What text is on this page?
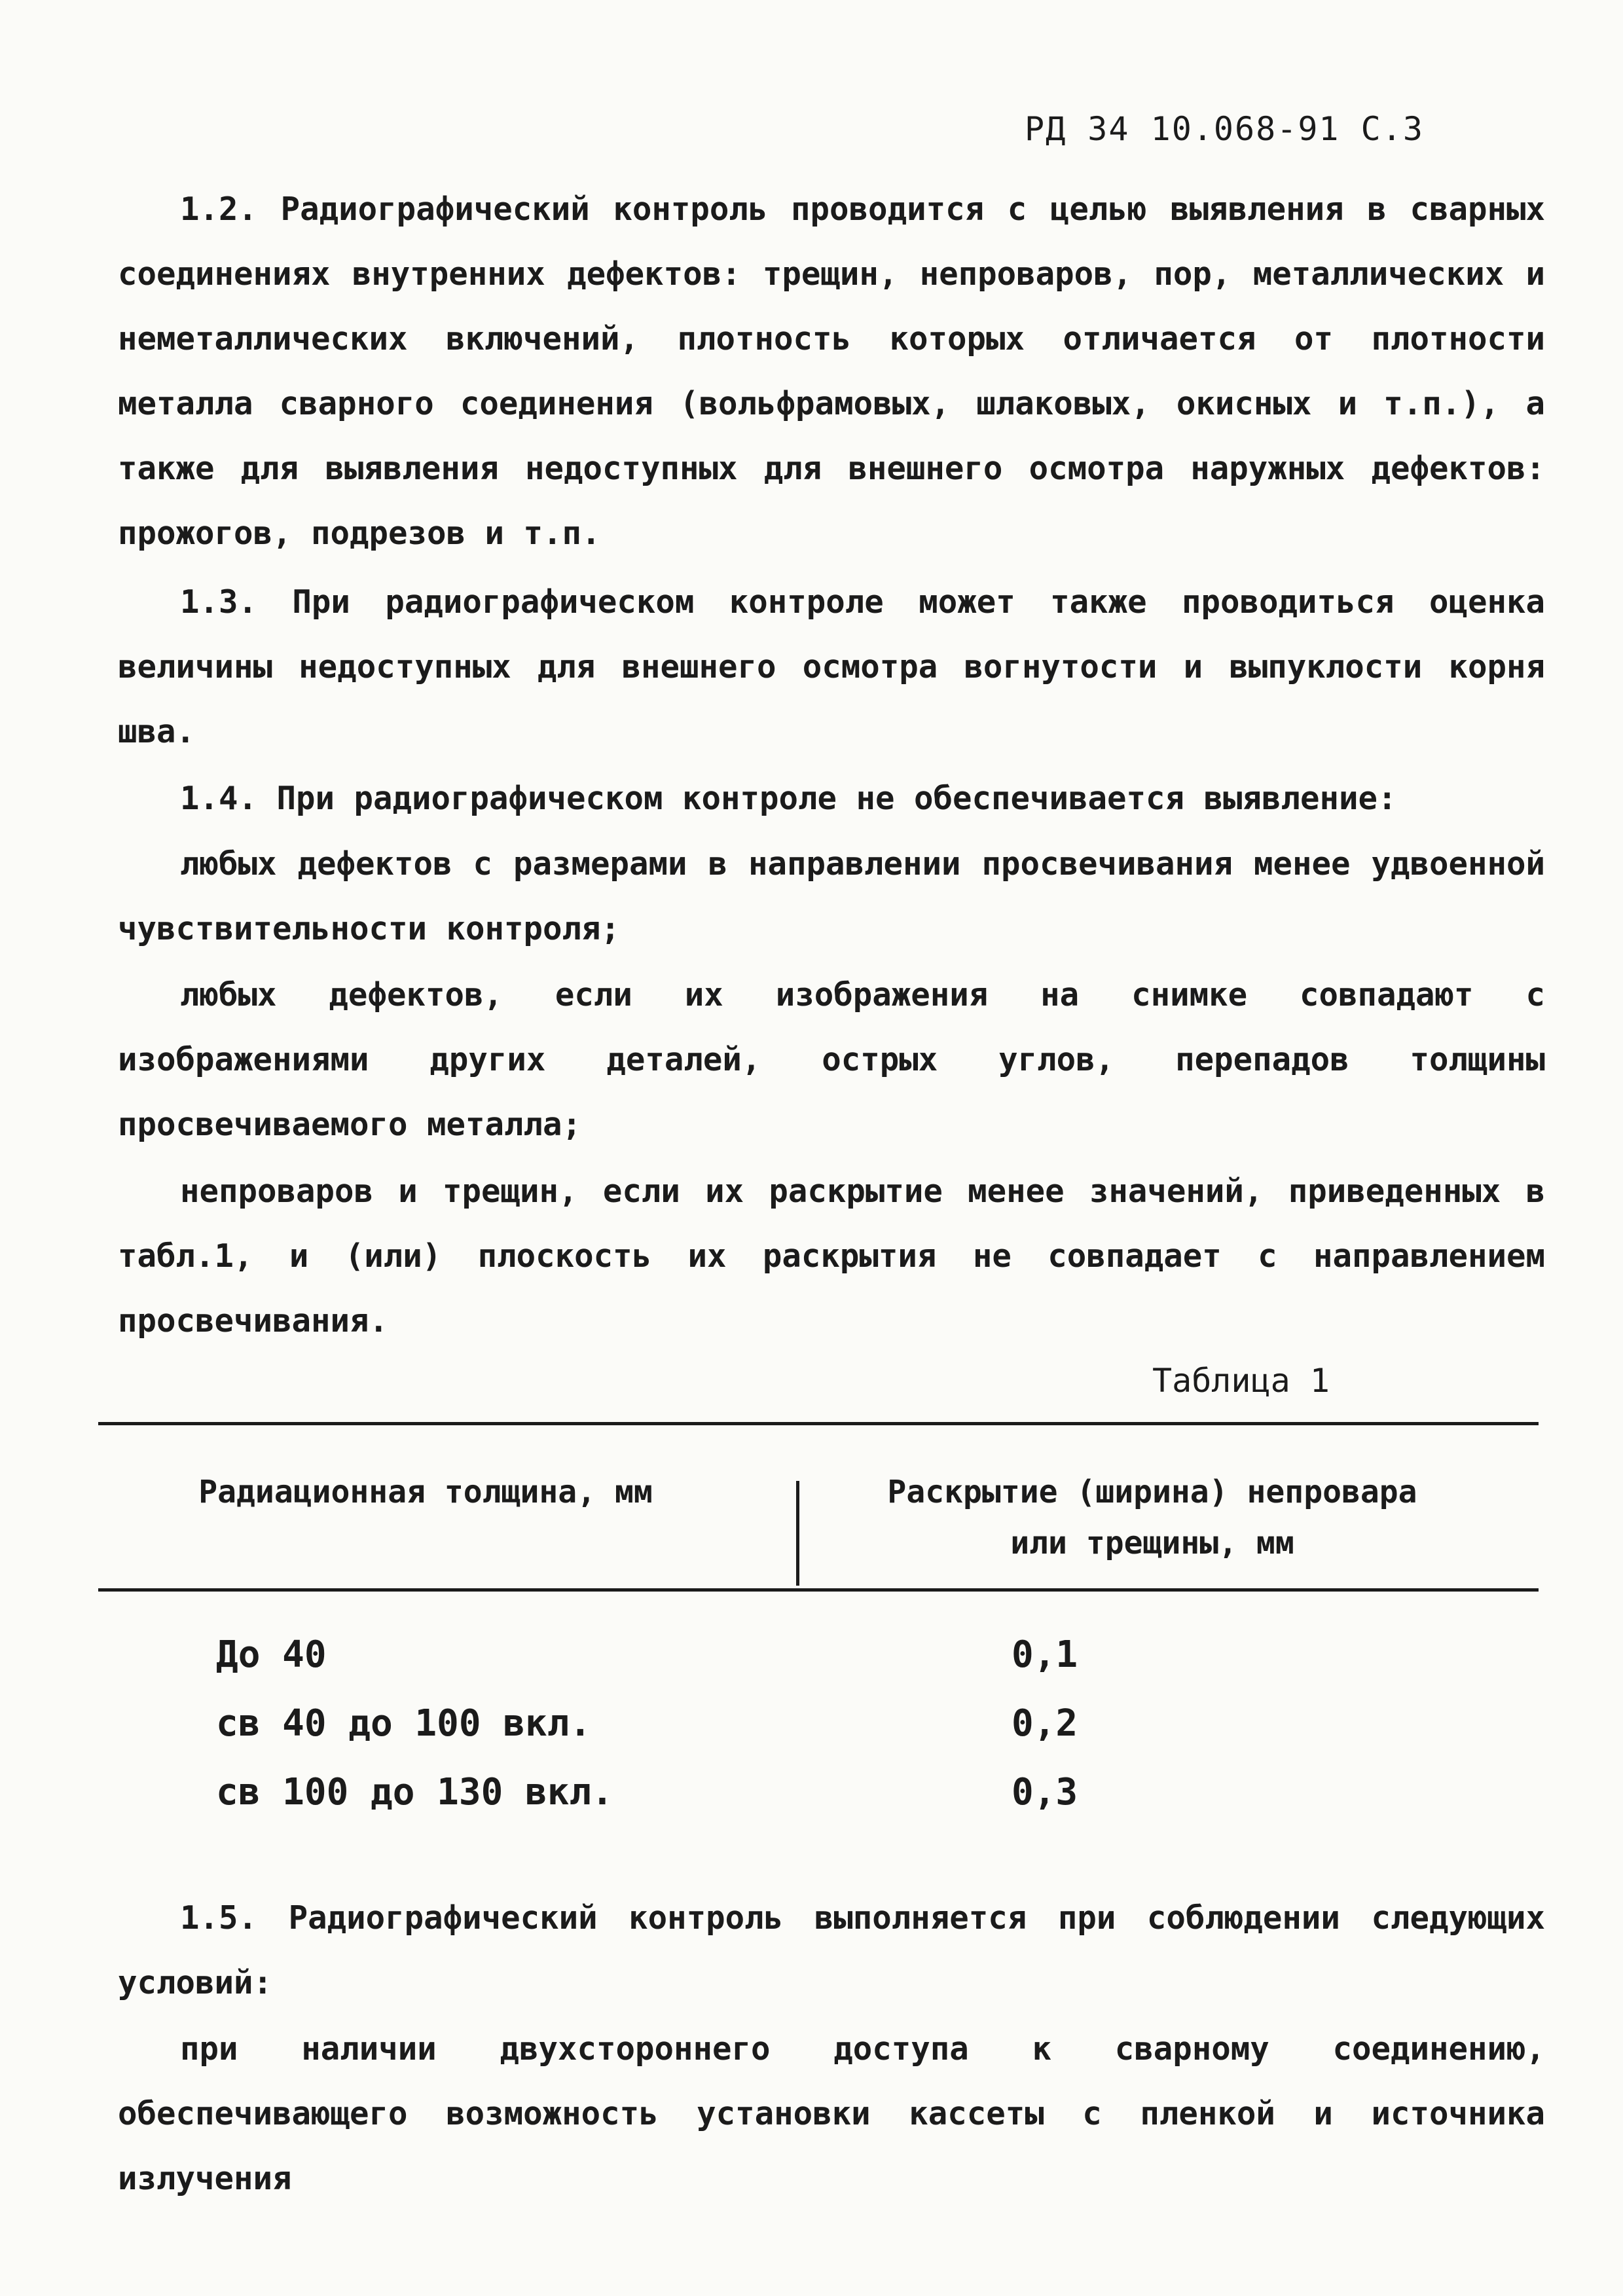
РД 34 10.068-91 С.3

1.2. Радиографический контроль проводится с целью выявления в сварных соединениях внутренних дефектов: трещин, непроваров, пор, металлических и неметаллических включений, плотность которых отличается от плотности металла сварного соединения (вольфрамовых, шлаковых, окисных и т.п.), а также для выявления недоступных для внешнего осмотра наружных дефектов: прожогов, подрезов и т.п.

1.3. При радиографическом контроле может также проводиться оценка величины недоступных для внешнего осмотра вогнутости и выпуклости корня шва.

1.4. При радиографическом контроле не обеспечивается выявление:

любых дефектов с размерами в направлении просвечивания менее удвоенной чувствительности контроля;

любых дефектов, если их изображения на снимке совпадают с изображениями других деталей, острых углов, перепадов толщины просвечиваемого металла;

непроваров и трещин, если их раскрытие менее значений, приведенных в табл.1, и (или) плоскость их раскрытия не совпадает с направлением просвечивания.

Таблица 1
Радиационная толщина, мм	Раскрытие (ширина) непровара
или трещины, мм
До 40	0,1
св 40 до 100 вкл.	0,2
св 100 до 130 вкл.	0,3

1.5. Радиографический контроль выполняется при соблюдении следующих условий:

при наличии двухстороннего доступа к сварному соединению, обеспечивающего возможность установки кассеты с пленкой и источника излучения
